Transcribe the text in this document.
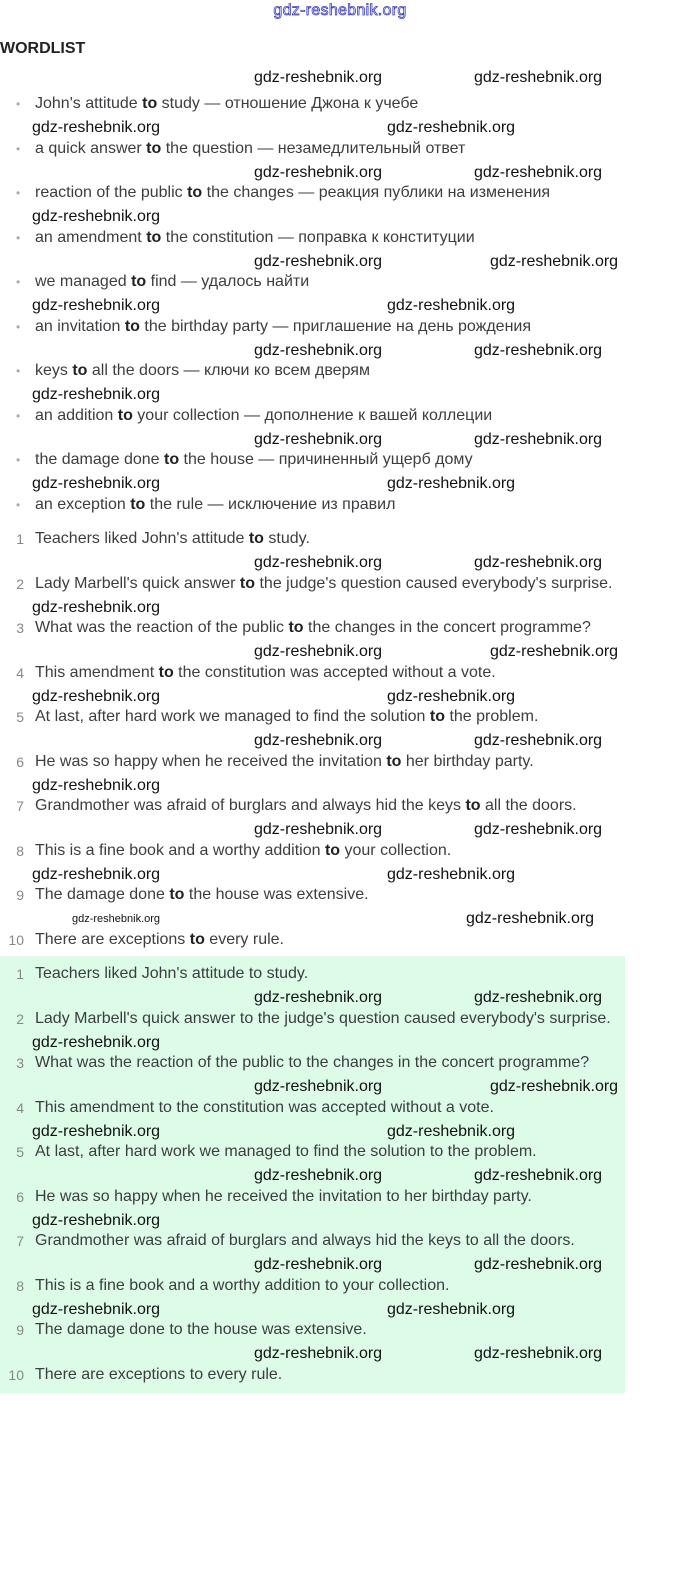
gdz-reshebnik.org
WORDLIST
• John's attitude to study — отношение Джона к учебе
• a quick answer to the question — незамедлительный ответ
• reaction of the public to the changes — реакция публики на изменения
• an amendment to the constitution — поправка к конституции
• we managed to find — удалось найти
• an invitation to the birthday party — приглашение на день рождения
• keys to all the doors — ключи ко всем дверям
• an addition to your collection — дополнение к вашей коллеции
• the damage done to the house — причиненный ущерб дому
• an exception to the rule — исключение из правил
1 Teachers liked John's attitude to study.
2 Lady Marbell's quick answer to the judge's question caused everybody's surprise.
3 What was the reaction of the public to the changes in the concert programme?
4 This amendment to the constitution was accepted without a vote.
5 At last, after hard work we managed to find the solution to the problem.
6 He was so happy when he received the invitation to her birthday party.
7 Grandmother was afraid of burglars and always hid the keys to all the doors.
8 This is a fine book and a worthy addition to your collection.
9 The damage done to the house was extensive.
10 There are exceptions to every rule.
1 Teachers liked John's attitude to study.
2 Lady Marbell's quick answer to the judge's question caused everybody's surprise.
3 What was the reaction of the public to the changes in the concert programme?
4 This amendment to the constitution was accepted without a vote.
5 At last, after hard work we managed to find the solution to the problem.
6 He was so happy when he received the invitation to her birthday party.
7 Grandmother was afraid of burglars and always hid the keys to all the doors.
8 This is a fine book and a worthy addition to your collection.
9 The damage done to the house was extensive.
10 There are exceptions to every rule.
gdz-reshebnik.org	gdz-reshebnik.org
gdz-reshebnik.org	gdz-reshebnik.org
gdz-reshebnik.org	gdz-reshebnik.org
gdz-reshebnik.org
gdz-reshebnik.org	gdz-reshebnik.org
gdz-reshebnik.org	gdz-reshebnik.org
gdz-reshebnik.org	gdz-reshebnik.org
gdz-reshebnik.org
gdz-reshebnik.org	gdz-reshebnik.org
gdz-reshebnik.org	gdz-reshebnik.org
gdz-reshebnik.org	gdz-reshebnik.org
gdz-reshebnik.org
gdz-reshebnik.org	gdz-reshebnik.org
gdz-reshebnik.org	gdz-reshebnik.org
gdz-reshebnik.org	gdz-reshebnik.org
gdz-reshebnik.org
gdz-reshebnik.org	gdz-reshebnik.org
gdz-reshebnik.org	gdz-reshebnik.org
gdz-reshebnik.org	gdz-reshebnik.org
gdz-reshebnik.org	gdz-reshebnik.org
gdz-reshebnik.org
gdz-reshebnik.org	gdz-reshebnik.org
gdz-reshebnik.org	gdz-reshebnik.org
gdz-reshebnik.org	gdz-reshebnik.org
gdz-reshebnik.org
gdz-reshebnik.org	gdz-reshebnik.org
gdz-reshebnik.org	gdz-reshebnik.org
gdz-reshebnik.org	gdz-reshebnik.org
